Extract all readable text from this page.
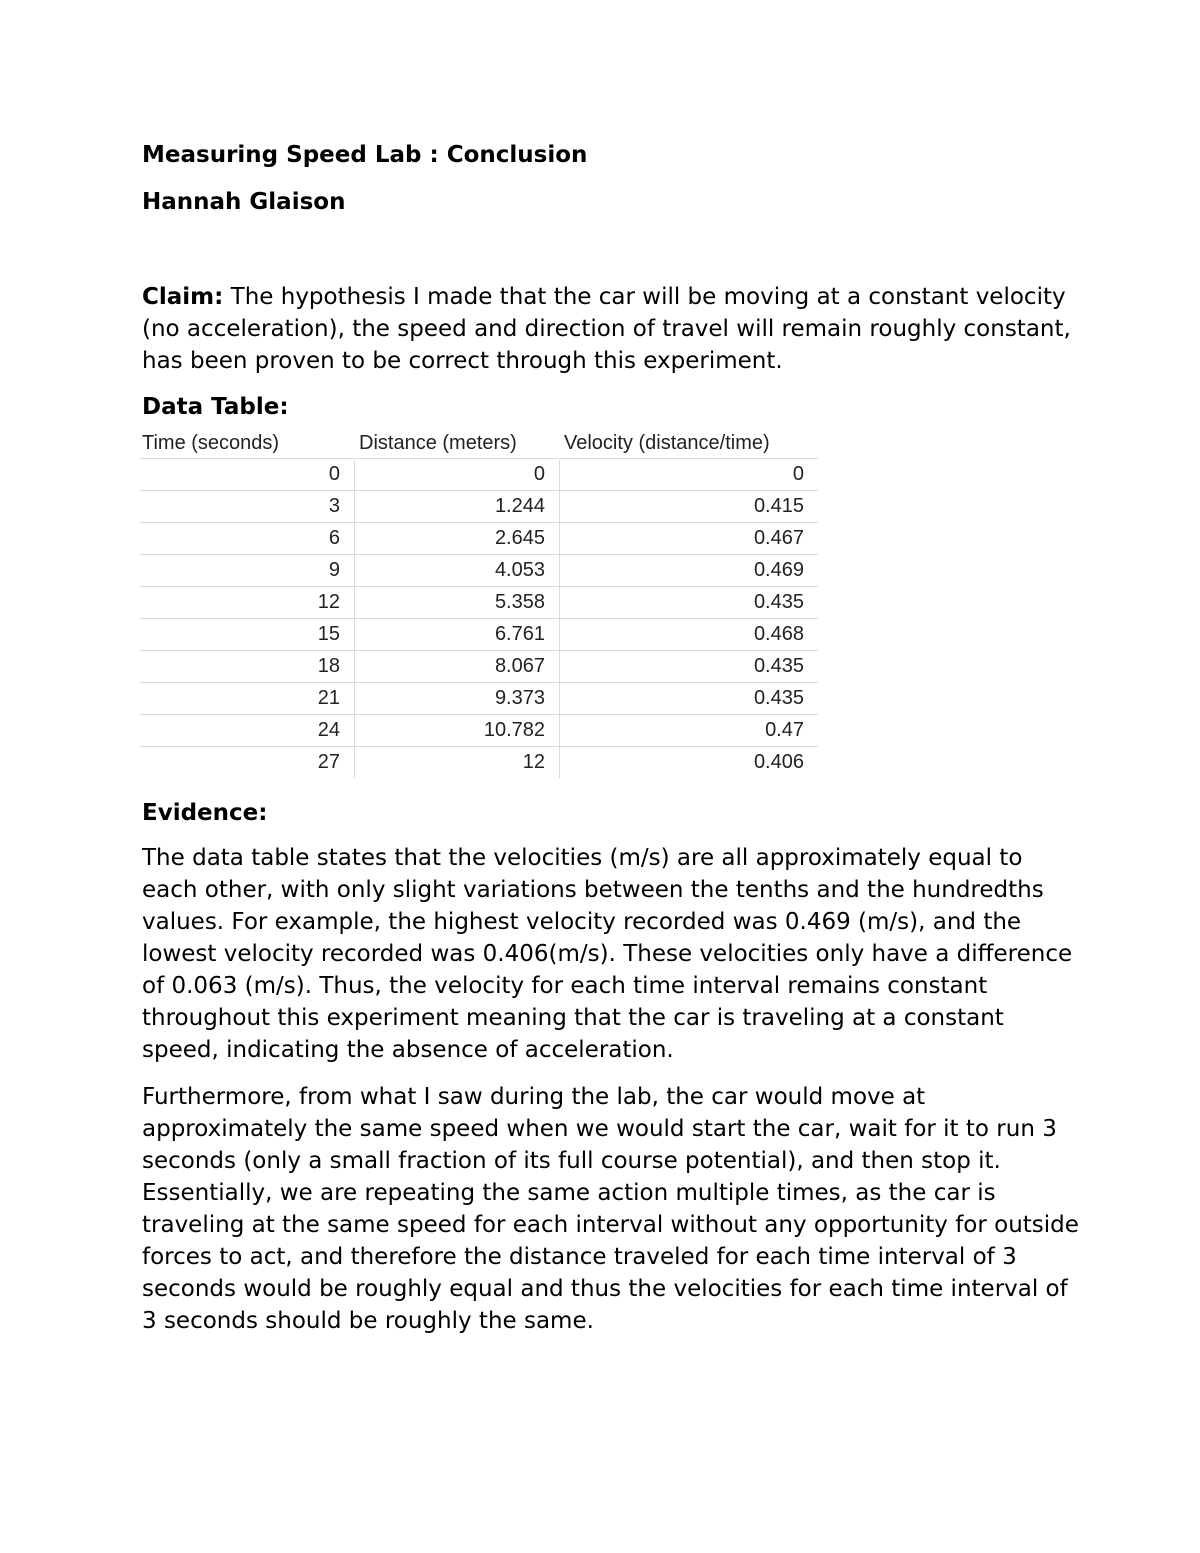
Measuring Speed Lab : Conclusion
Hannah Glaison

Claim: The hypothesis I made that the car will be moving at a constant velocity (no acceleration), the speed and direction of travel will remain roughly constant, has been proven to be correct through this experiment.

Data Table:
Time (seconds)	Distance (meters)	Velocity (distance/time)
0	0	0
3	1.244	0.415
6	2.645	0.467
9	4.053	0.469
12	5.358	0.435
15	6.761	0.468
18	8.067	0.435
21	9.373	0.435
24	10.782	0.47
27	12	0.406
Evidence:

The data table states that the velocities (m/s) are all approximately equal to each other, with only slight variations between the tenths and the hundredths values. For example, the highest velocity recorded was 0.469 (m/s), and the lowest velocity recorded was 0.406(m/s). These velocities only have a difference of 0.063 (m/s). Thus, the velocity for each time interval remains constant throughout this experiment meaning that the car is traveling at a constant speed, indicating the absence of acceleration.

Furthermore, from what I saw during the lab, the car would move at approximately the same speed when we would start the car, wait for it to run 3 seconds (only a small fraction of its full course potential), and then stop it. Essentially, we are repeating the same action multiple times, as the car is traveling at the same speed for each interval without any opportunity for outside forces to act, and therefore the distance traveled for each time interval of 3 seconds would be roughly equal and thus the velocities for each time interval of 3 seconds should be roughly the same.
